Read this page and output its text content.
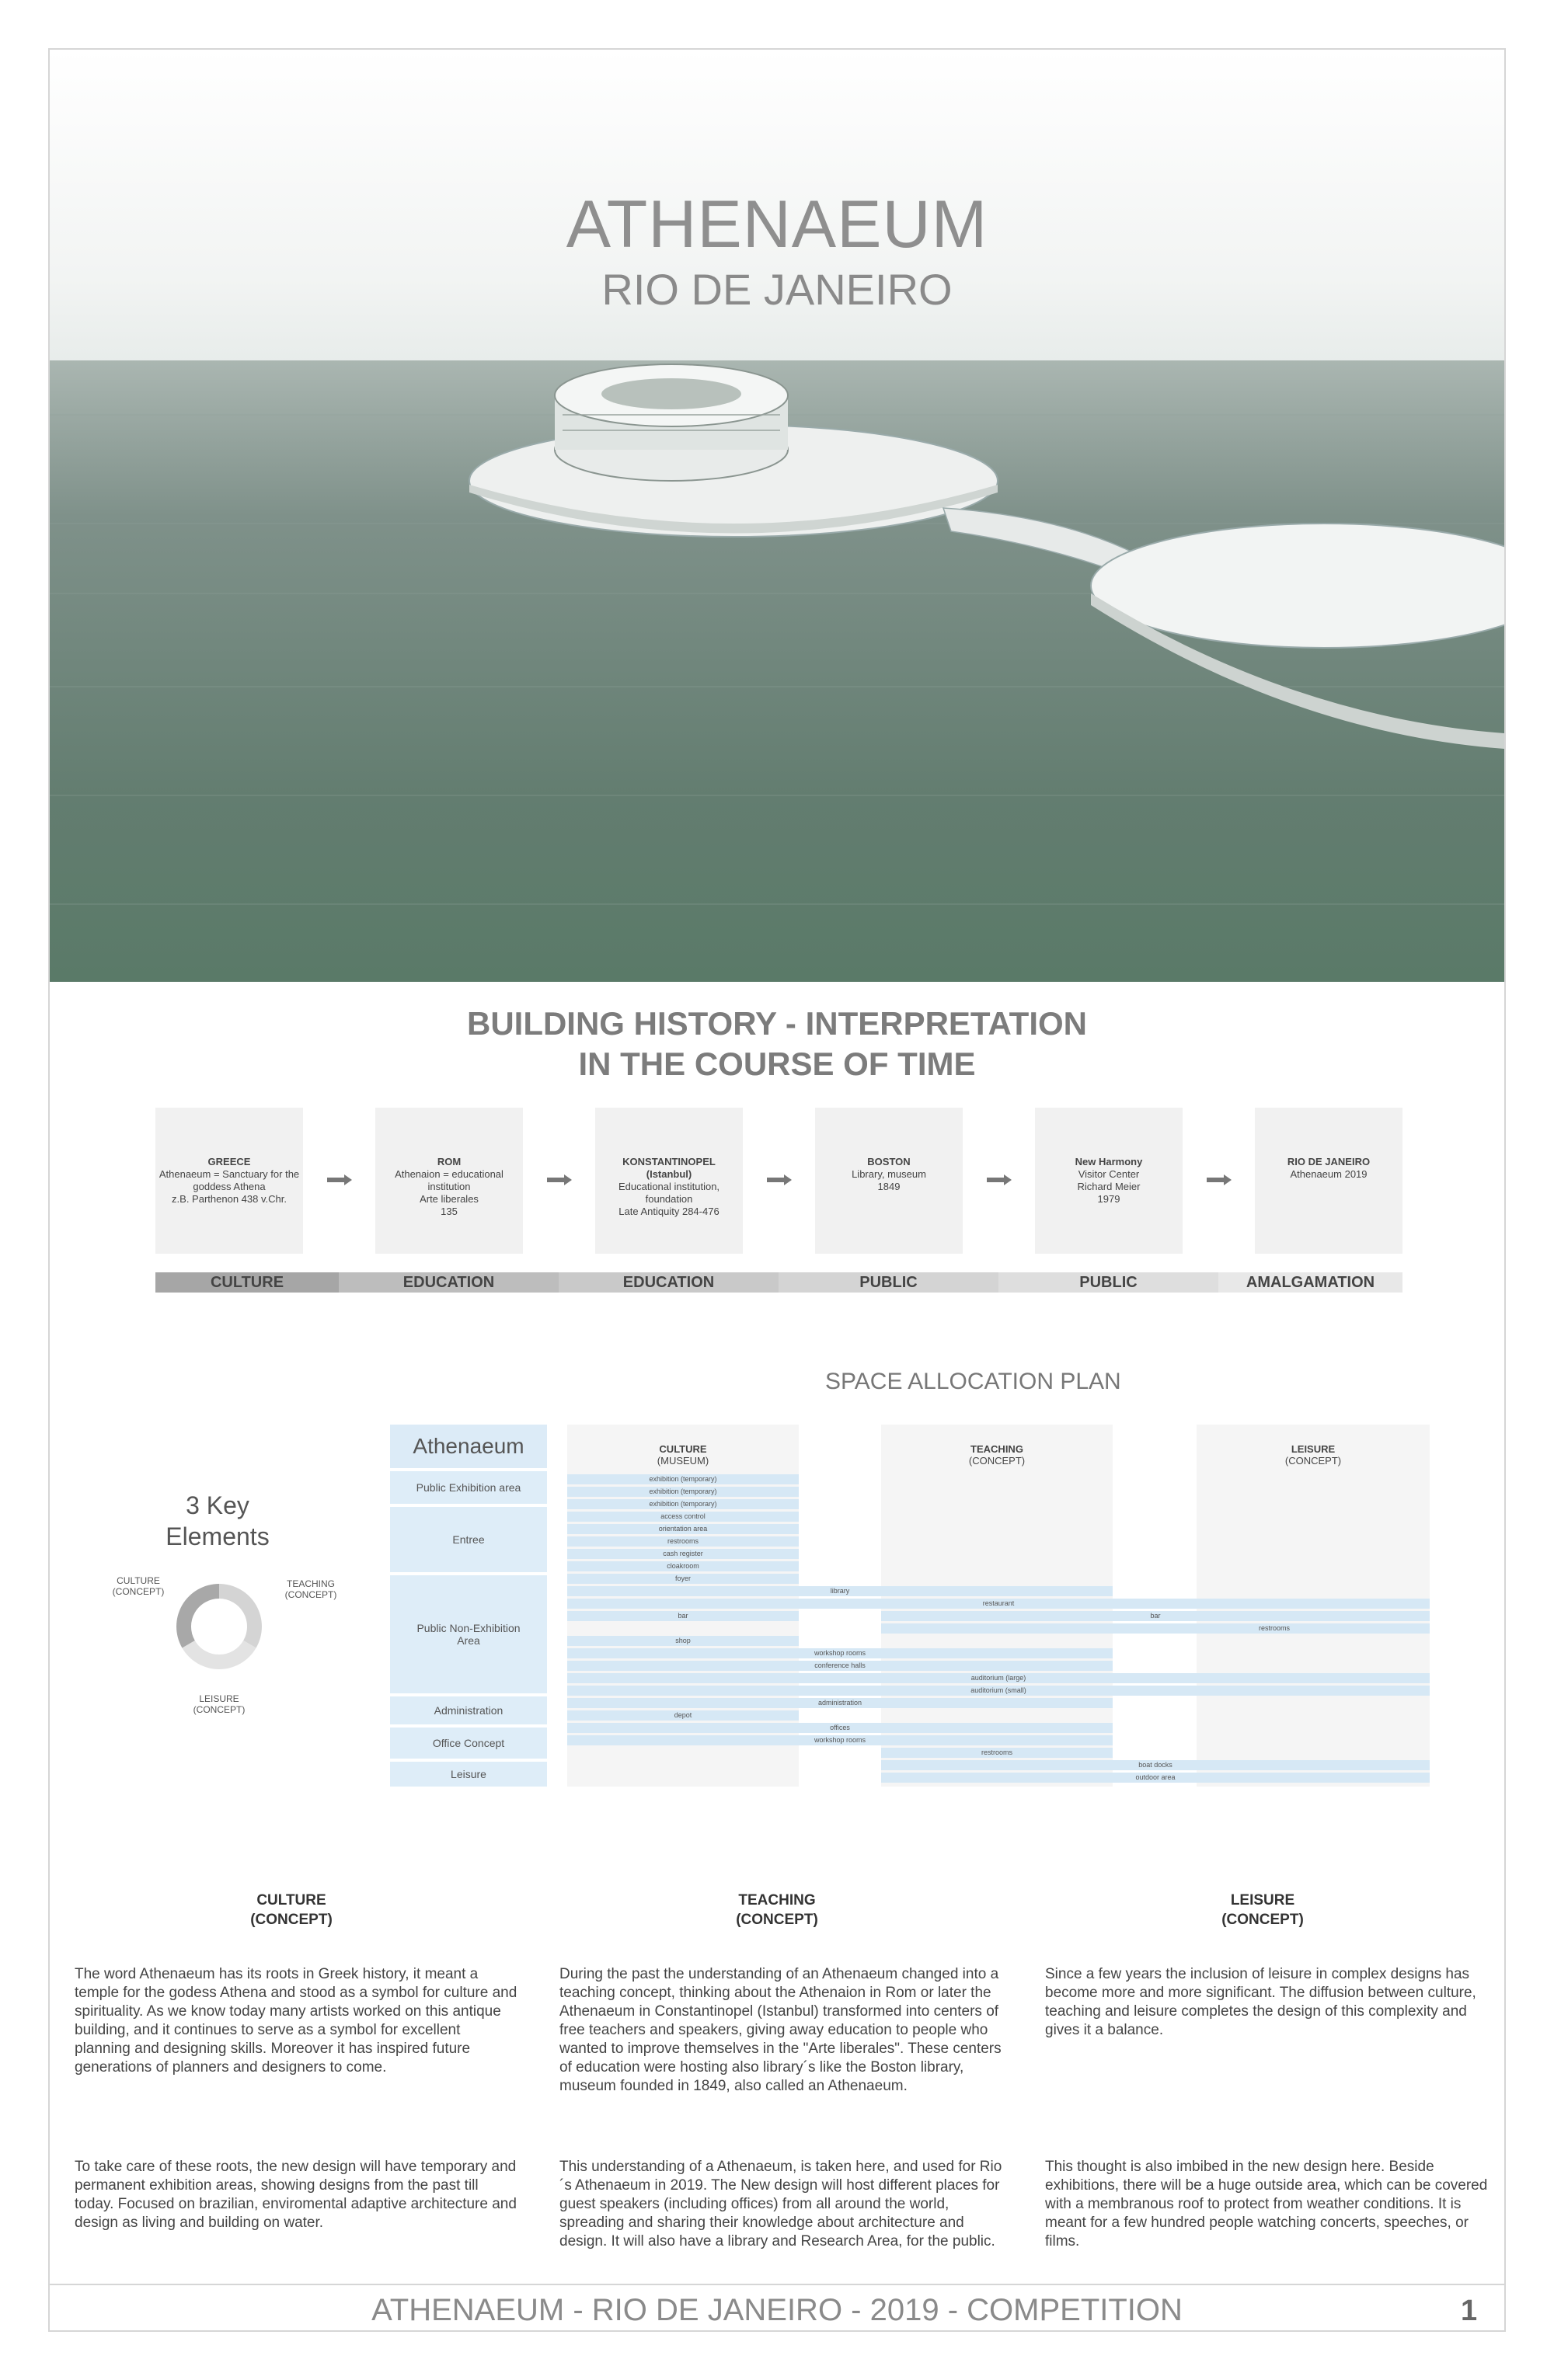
ATHENAEUM
RIO DE JANEIRO
BUILDING HISTORY - INTERPRETATION
IN THE COURSE OF TIME
GREECE
Athenaeum = Sanctuary for the
goddess Athena
z.B. Parthenon 438 v.Chr.
ROM
Athenaion = educational
institution
Arte liberales
135
KONSTANTINOPEL
(Istanbul)
Educational institution,
foundation
Late Antiquity 284-476
BOSTON
Library, museum
1849
New Harmony
Visitor Center
Richard Meier
1979
RIO DE JANEIRO
Athenaeum 2019
CULTURE	EDUCATION	EDUCATION	PUBLIC	PUBLIC	AMALGAMATION
SPACE ALLOCATION PLAN
3 Key
Elements
CULTURE
(CONCEPT)
TEACHING
(CONCEPT)
LEISURE
(CONCEPT)
Athenaeum
Public Exhibition area
Entree
Public Non-Exhibition Area
Administration
Office Concept
Leisure
CULTURE
(MUSEUM)
TEACHING
(CONCEPT)
LEISURE
(CONCEPT)
exhibition (temporary)
exhibition (temporary)
exhibition (temporary)
access control
orientation area
restrooms
cash register
cloakroom
foyer
library
restaurant
bar	bar
restrooms
shop
workshop rooms
conference halls
auditorium (large)
auditorium (small)
administration
depot
offices
workshop rooms
restrooms
boat docks
outdoor area
CULTURE
(CONCEPT)
TEACHING
(CONCEPT)
LEISURE
(CONCEPT)
The word Athenaeum has its roots in Greek history, it meant a temple for the godess Athena and stood as a symbol for culture and spirituality. As we know today many artists worked on this antique building, and it continues to serve as a symbol for excellent planning and designing skills. Moreover it has inspired future generations of planners and designers to come.
To take care of these roots, the new design will have temporary and permanent exhibition areas, showing designs from the past till today. Focused on brazilian, enviromental adaptive architecture and design as living and building on water.
During the past the understanding of an Athenaeum changed into a teaching concept, thinking about the Athenaion in Rom or later the Athenaeum in Constantinopel (Istanbul) transformed into centers of free teachers and speakers, giving away education to people who wanted to improve themselves in the "Arte liberales". These centers of education were hosting also library´s like the Boston library, museum founded in 1849, also called an Athenaeum.
This understanding of a Athenaeum, is taken here, and used for Rio´s Athenaeum in 2019. The New design will host different places for guest speakers (including offices) from all around the world, spreading and sharing their knowledge about architecture and design. It will also have a library and Research Area, for the public.
Since a few years the inclusion of leisure in complex designs has become more and more significant. The diffusion between culture, teaching and leisure completes the design of this complexity and gives it a balance.
This thought is also imbibed in the new design here. Beside exhibitions, there will be a huge outside area, which can be covered with a membranous roof to protect from weather conditions. It is meant for a few hundred people watching concerts, speeches, or films.
ATHENAEUM - RIO DE JANEIRO - 2019 - COMPETITION	1
